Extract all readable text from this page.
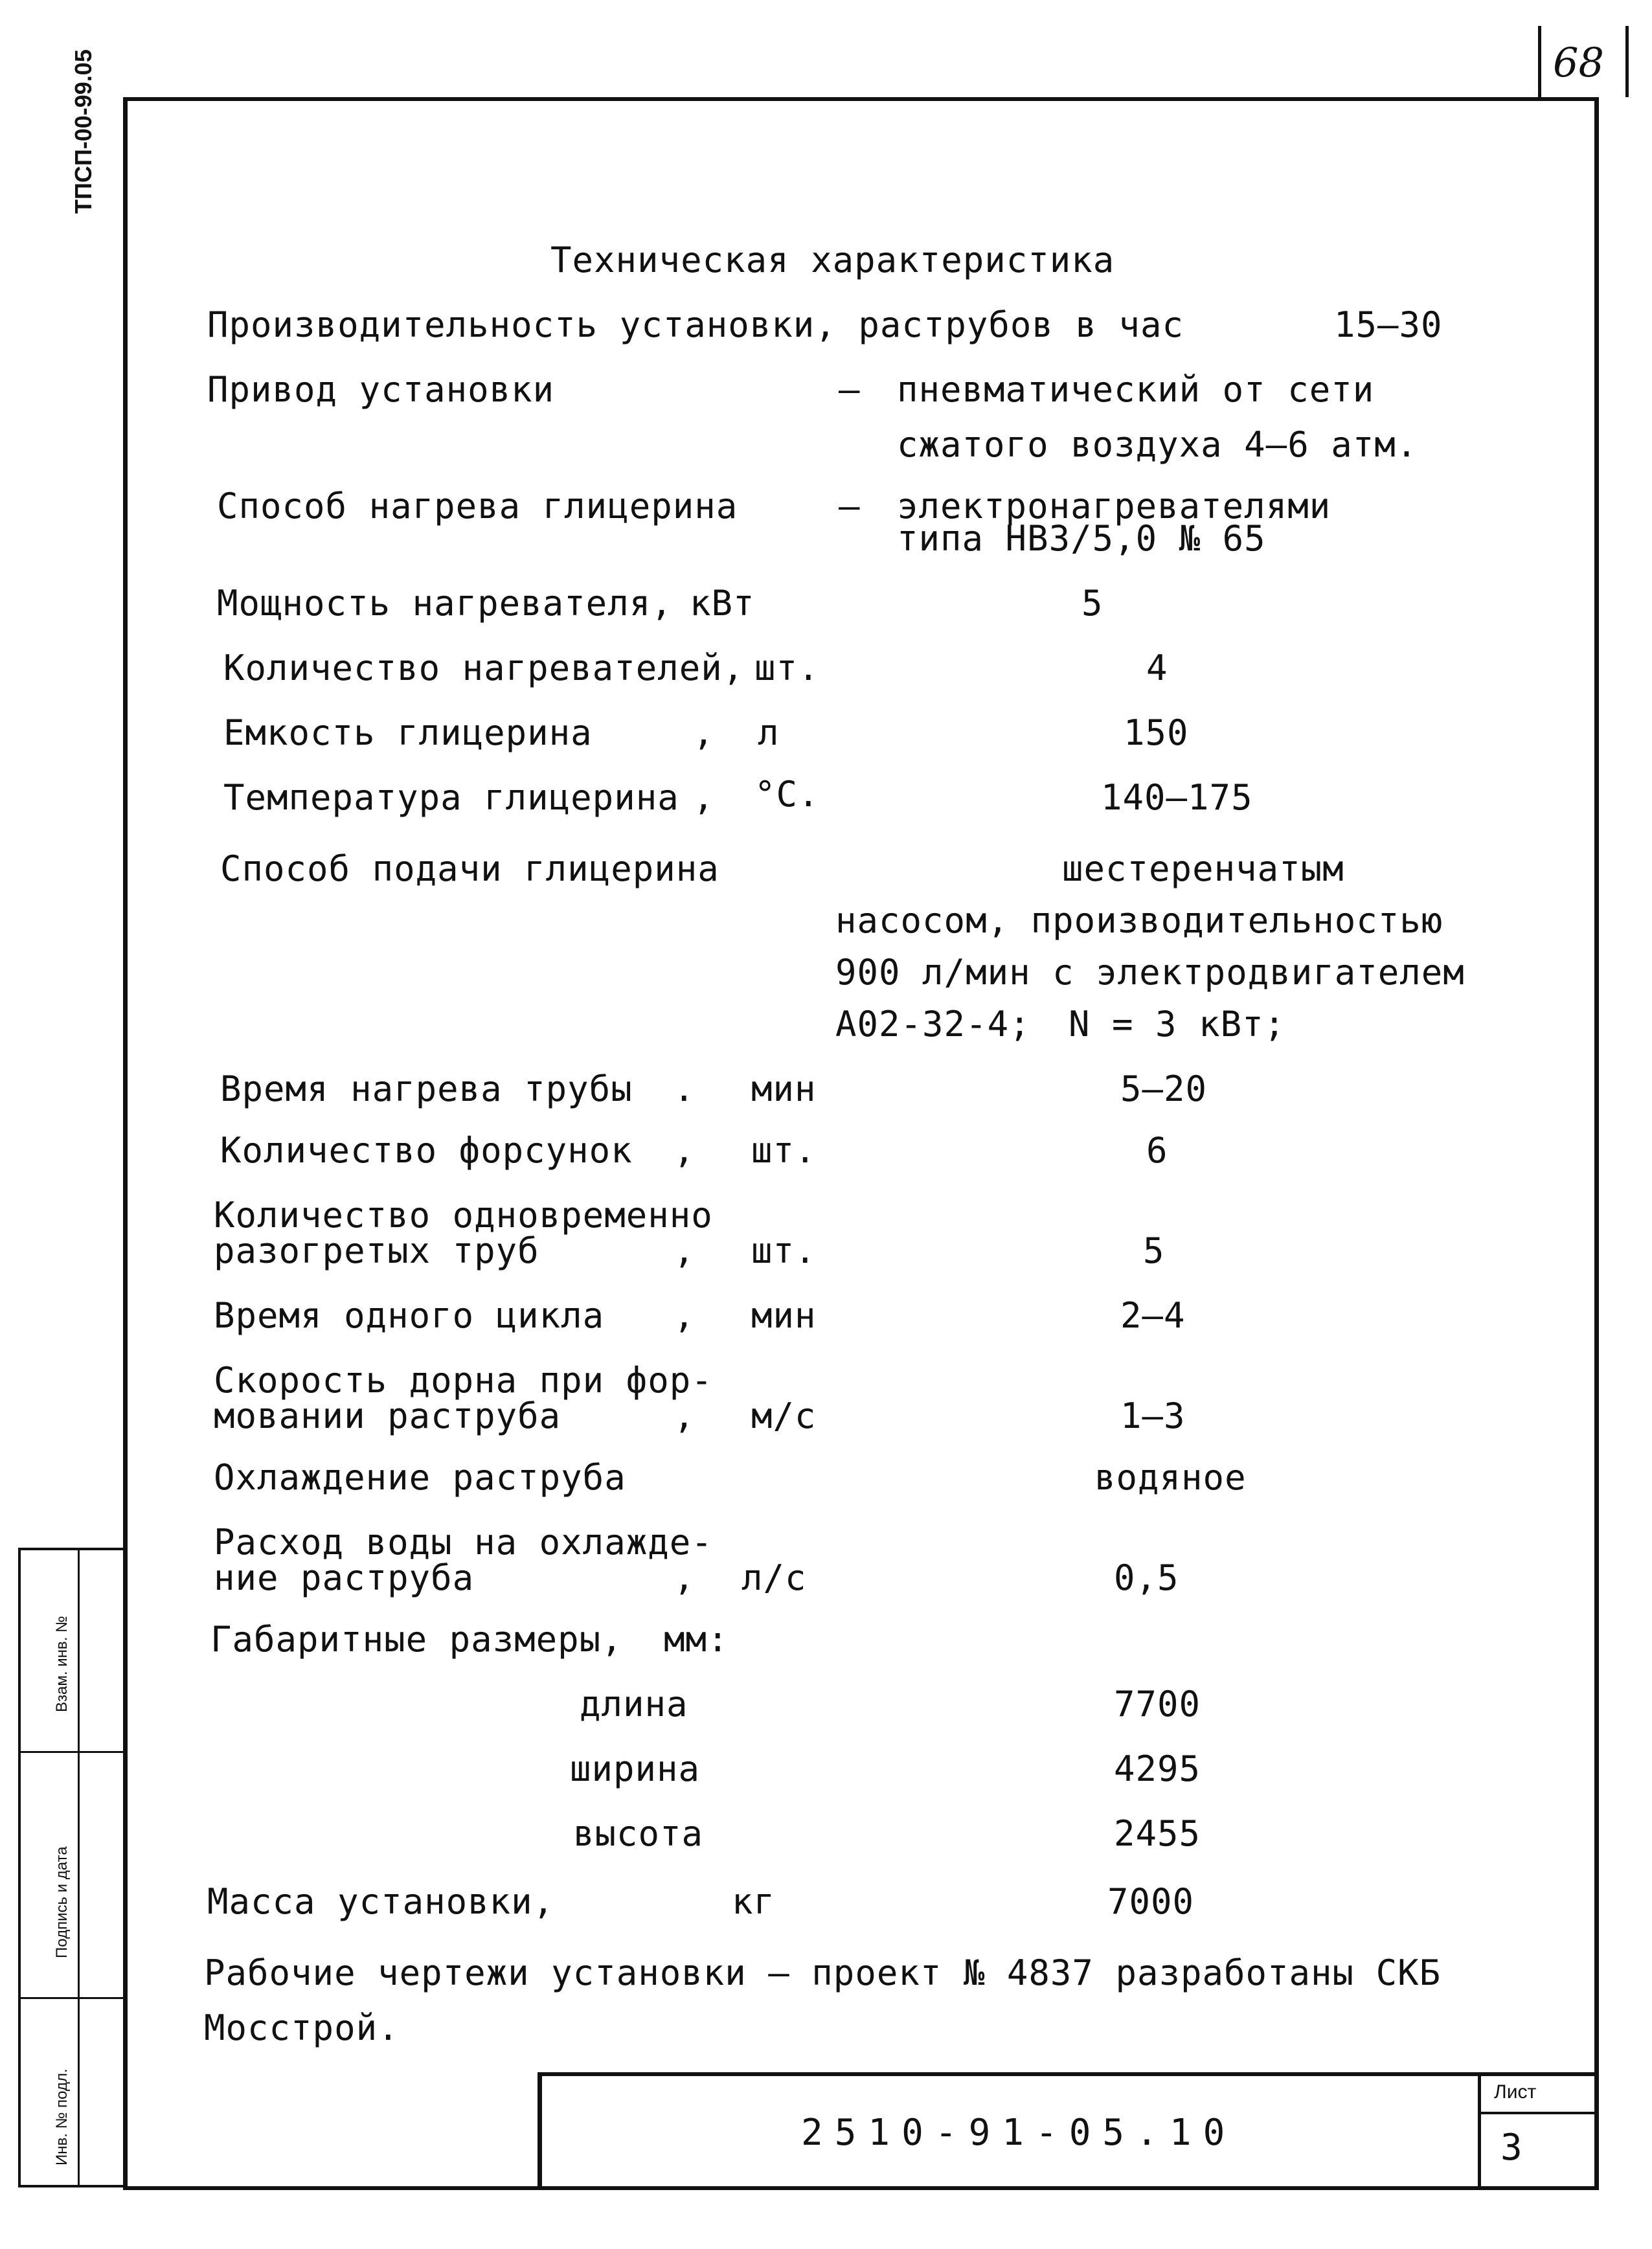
68
ТПСП-00-99.05
Техническая характеристика
Производительность установки, раструбов в час	15–30
Привод установки	– пневматический от сети
сжатого воздуха 4–6 атм.
Способ нагрева глицерина	– электронагревателями
типа НВЗ/5,0 № 65
Мощность нагревателя, кВт	5
Количество нагревателей, шт.	4
Емкость глицерина	, л	150
Температура глицерина , °С.	140–175
Способ подачи глицерина	шестеренчатым
насосом, производительностью
900 л/мин с электродвигателем
А02-32-4; N = 3 кВт;
Время нагрева трубы . мин	5–20
Количество форсунок , шт.	6
Количество одновременно
разогретых труб	, шт.	5
Время одного цикла , мин	2–4
Скорость дорна при фор-
мовании раструба	, м/с	1–3
Охлаждение раструба	водяное
Расход воды на охлажде-
ние раструба	, л/с	0,5
Габаритные размеры, мм:
длина	7700
ширина	4295
высота	2455
Масса установки,	кг	7000
Рабочие чертежи установки – проект № 4837 разработаны СКБ
Мосстрой.
2510-91-05.10
Лист
3
Взам. инв. №
Подпись и дата
Инв. № подл.
